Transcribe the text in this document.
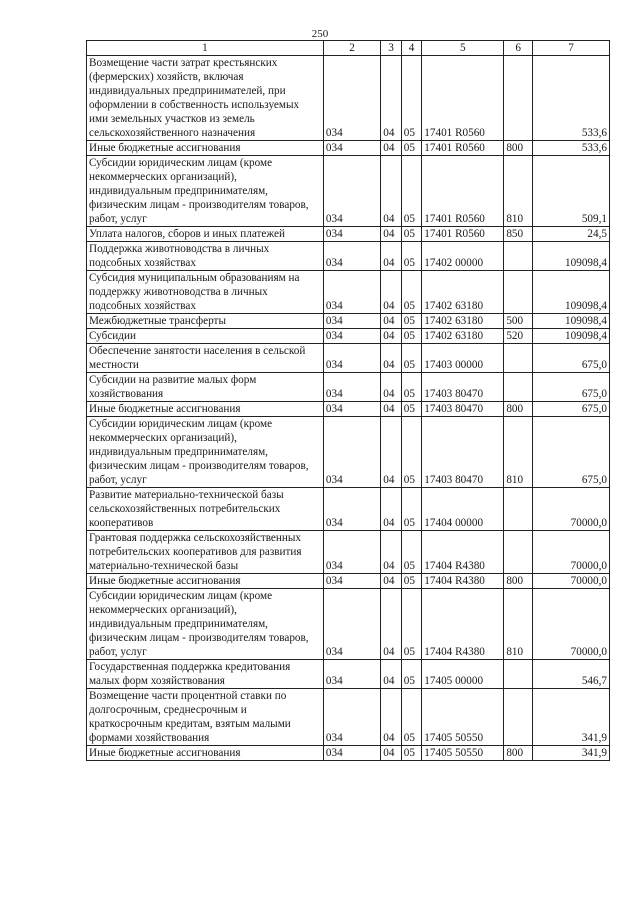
250
1	2	3	4	5	6	7
Возмещение части затрат крестьянских (фермерских) хозяйств, включая индивидуальных предпринимателей, при оформлении в собственность используемых ими земельных участков из земель сельскохозяйственного назначения	034	04	05	17401 R0560		533,6
Иные бюджетные ассигнования	034	04	05	17401 R0560	800	533,6
Субсидии юридическим лицам (кроме некоммерческих организаций), индивидуальным предпринимателям, физическим лицам - производителям товаров, работ, услуг	034	04	05	17401 R0560	810	509,1
Уплата налогов, сборов и иных платежей	034	04	05	17401 R0560	850	24,5
Поддержка животноводства в личных подсобных хозяйствах	034	04	05	17402 00000		109098,4
Субсидия муниципальным образованиям на поддержку животноводства в личных подсобных хозяйствах	034	04	05	17402 63180		109098,4
Межбюджетные трансферты	034	04	05	17402 63180	500	109098,4
Субсидии	034	04	05	17402 63180	520	109098,4
Обеспечение занятости населения в сельской местности	034	04	05	17403 00000		675,0
Субсидии на развитие малых форм хозяйствования	034	04	05	17403 80470		675,0
Иные бюджетные ассигнования	034	04	05	17403 80470	800	675,0
Субсидии юридическим лицам (кроме некоммерческих организаций), индивидуальным предпринимателям, физическим лицам - производителям товаров, работ, услуг	034	04	05	17403 80470	810	675,0
Развитие материально-технической базы сельскохозяйственных потребительских кооперативов	034	04	05	17404 00000		70000,0
Грантовая поддержка сельскохозяйственных потребительских кооперативов для развития материально-технической базы	034	04	05	17404 R4380		70000,0
Иные бюджетные ассигнования	034	04	05	17404 R4380	800	70000,0
Субсидии юридическим лицам (кроме некоммерческих организаций), индивидуальным предпринимателям, физическим лицам - производителям товаров, работ, услуг	034	04	05	17404 R4380	810	70000,0
Государственная поддержка кредитования малых форм хозяйствования	034	04	05	17405 00000		546,7
Возмещение части процентной ставки по долгосрочным, среднесрочным и краткосрочным кредитам, взятым малыми формами хозяйствования	034	04	05	17405 50550		341,9
Иные бюджетные ассигнования	034	04	05	17405 50550	800	341,9
